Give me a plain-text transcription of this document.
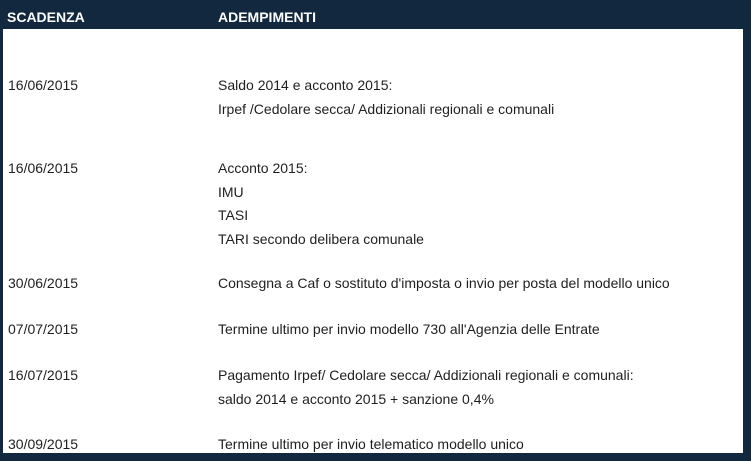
SCADENZA	ADEMPIMENTI
16/06/2015	Saldo 2014 e acconto 2015:
Irpef /Cedolare secca/ Addizionali regionali e comunali
16/06/2015	Acconto 2015:
IMU
TASI
TARI secondo delibera comunale
30/06/2015	Consegna a Caf o sostituto d'imposta o invio per posta del modello unico
07/07/2015	Termine ultimo per invio modello 730 all'Agenzia delle Entrate
16/07/2015	Pagamento Irpef/ Cedolare secca/ Addizionali regionali e comunali:
saldo 2014 e acconto 2015 + sanzione 0,4%
30/09/2015	Termine ultimo per invio telematico modello unico
